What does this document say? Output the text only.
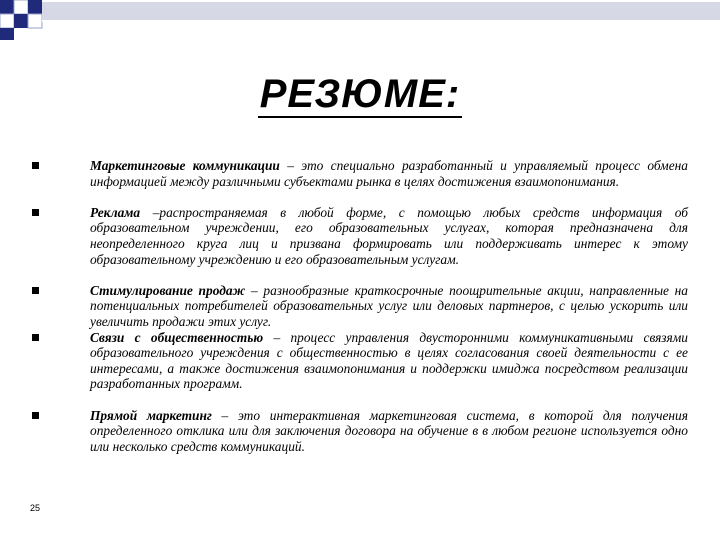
РЕЗЮМЕ:
Маркетинговые коммуникации – это специально разработанный и управляемый процесс обмена информацией между различными субъектами рынка в целях достижения взаимопонимания.
Реклама –распространяемая в любой форме, с помощью любых средств информация об образовательном учреждении, его образовательных услугах, которая предназначена для неопределенного круга лиц и призвана формировать или поддерживать интерес к этому образовательному учреждению и его образовательным услугам.
Стимулирование продаж – разнообразные краткосрочные поощрительные акции, направленные на потенциальных потребителей образовательных услуг или деловых партнеров, с целью ускорить или увеличить продажи этих услуг.
Связи с общественностью – процесс управления двусторонними коммуникативными связями образовательного учреждения с общественностью в целях согласования своей деятельности с ее интересами, а также достижения взаимопонимания и поддержки имиджа посредством реализации разработанных программ.
Прямой маркетинг – это интерактивная маркетинговая система, в которой для получения определенного отклика или для заключения договора на обучение в в любом регионе используется одно или несколько средств коммуникаций.
25
